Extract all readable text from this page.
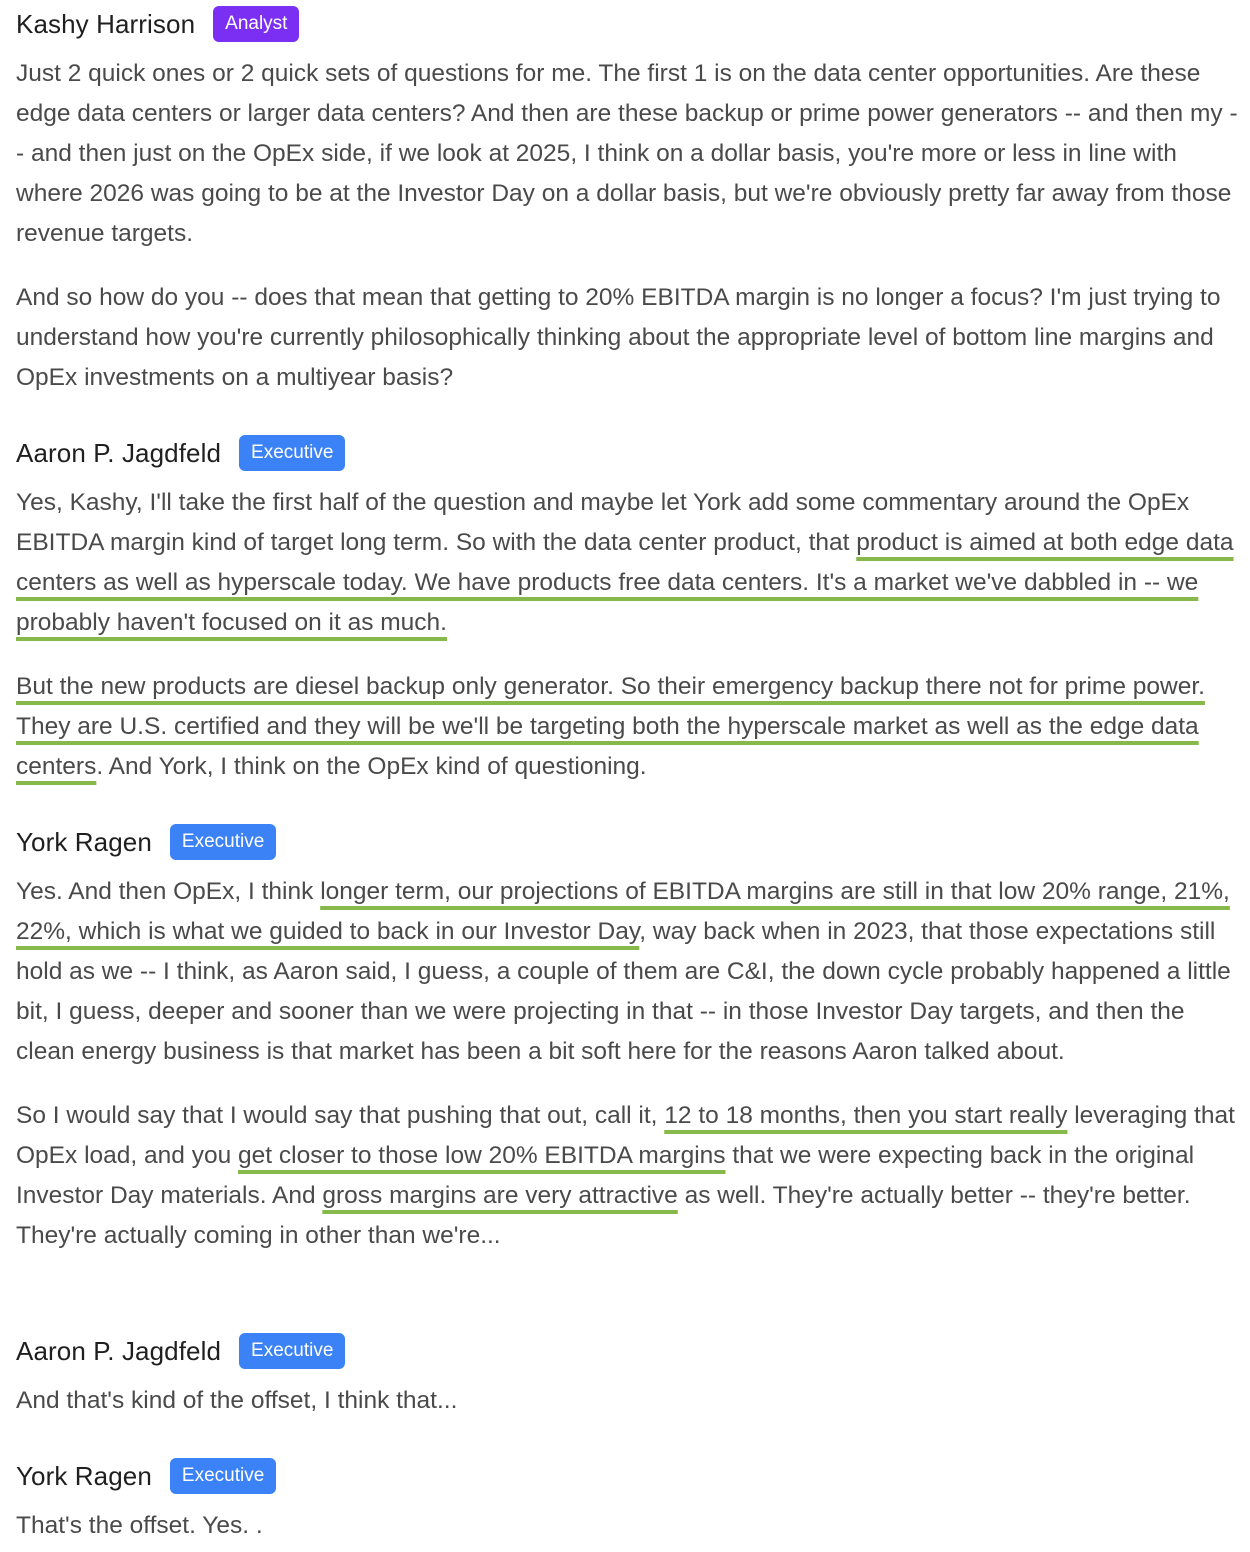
Kashy Harrison	Analyst

Just 2 quick ones or 2 quick sets of questions for me. The first 1 is on the data center opportunities. Are these edge data centers or larger data centers? And then are these backup or prime power generators -- and then my -- and then just on the OpEx side, if we look at 2025, I think on a dollar basis, you're more or less in line with where 2026 was going to be at the Investor Day on a dollar basis, but we're obviously pretty far away from those revenue targets.

And so how do you -- does that mean that getting to 20% EBITDA margin is no longer a focus? I'm just trying to understand how you're currently philosophically thinking about the appropriate level of bottom line margins and OpEx investments on a multiyear basis?

Aaron P. Jagdfeld	Executive

Yes, Kashy, I'll take the first half of the question and maybe let York add some commentary around the OpEx EBITDA margin kind of target long term. So with the data center product, that product is aimed at both edge data centers as well as hyperscale today. We have products free data centers. It's a market we've dabbled in -- we probably haven't focused on it as much.

But the new products are diesel backup only generator. So their emergency backup there not for prime power. They are U.S. certified and they will be we'll be targeting both the hyperscale market as well as the edge data centers. And York, I think on the OpEx kind of questioning.

York Ragen	Executive

Yes. And then OpEx, I think longer term, our projections of EBITDA margins are still in that low 20% range, 21%, 22%, which is what we guided to back in our Investor Day, way back when in 2023, that those expectations still hold as we -- I think, as Aaron said, I guess, a couple of them are C&I, the down cycle probably happened a little bit, I guess, deeper and sooner than we were projecting in that -- in those Investor Day targets, and then the clean energy business is that market has been a bit soft here for the reasons Aaron talked about.

So I would say that I would say that pushing that out, call it, 12 to 18 months, then you start really leveraging that OpEx load, and you get closer to those low 20% EBITDA margins that we were expecting back in the original Investor Day materials. And gross margins are very attractive as well. They're actually better -- they're better. They're actually coming in other than we're...

Aaron P. Jagdfeld	Executive

And that's kind of the offset, I think that...

York Ragen	Executive

That's the offset. Yes. .
